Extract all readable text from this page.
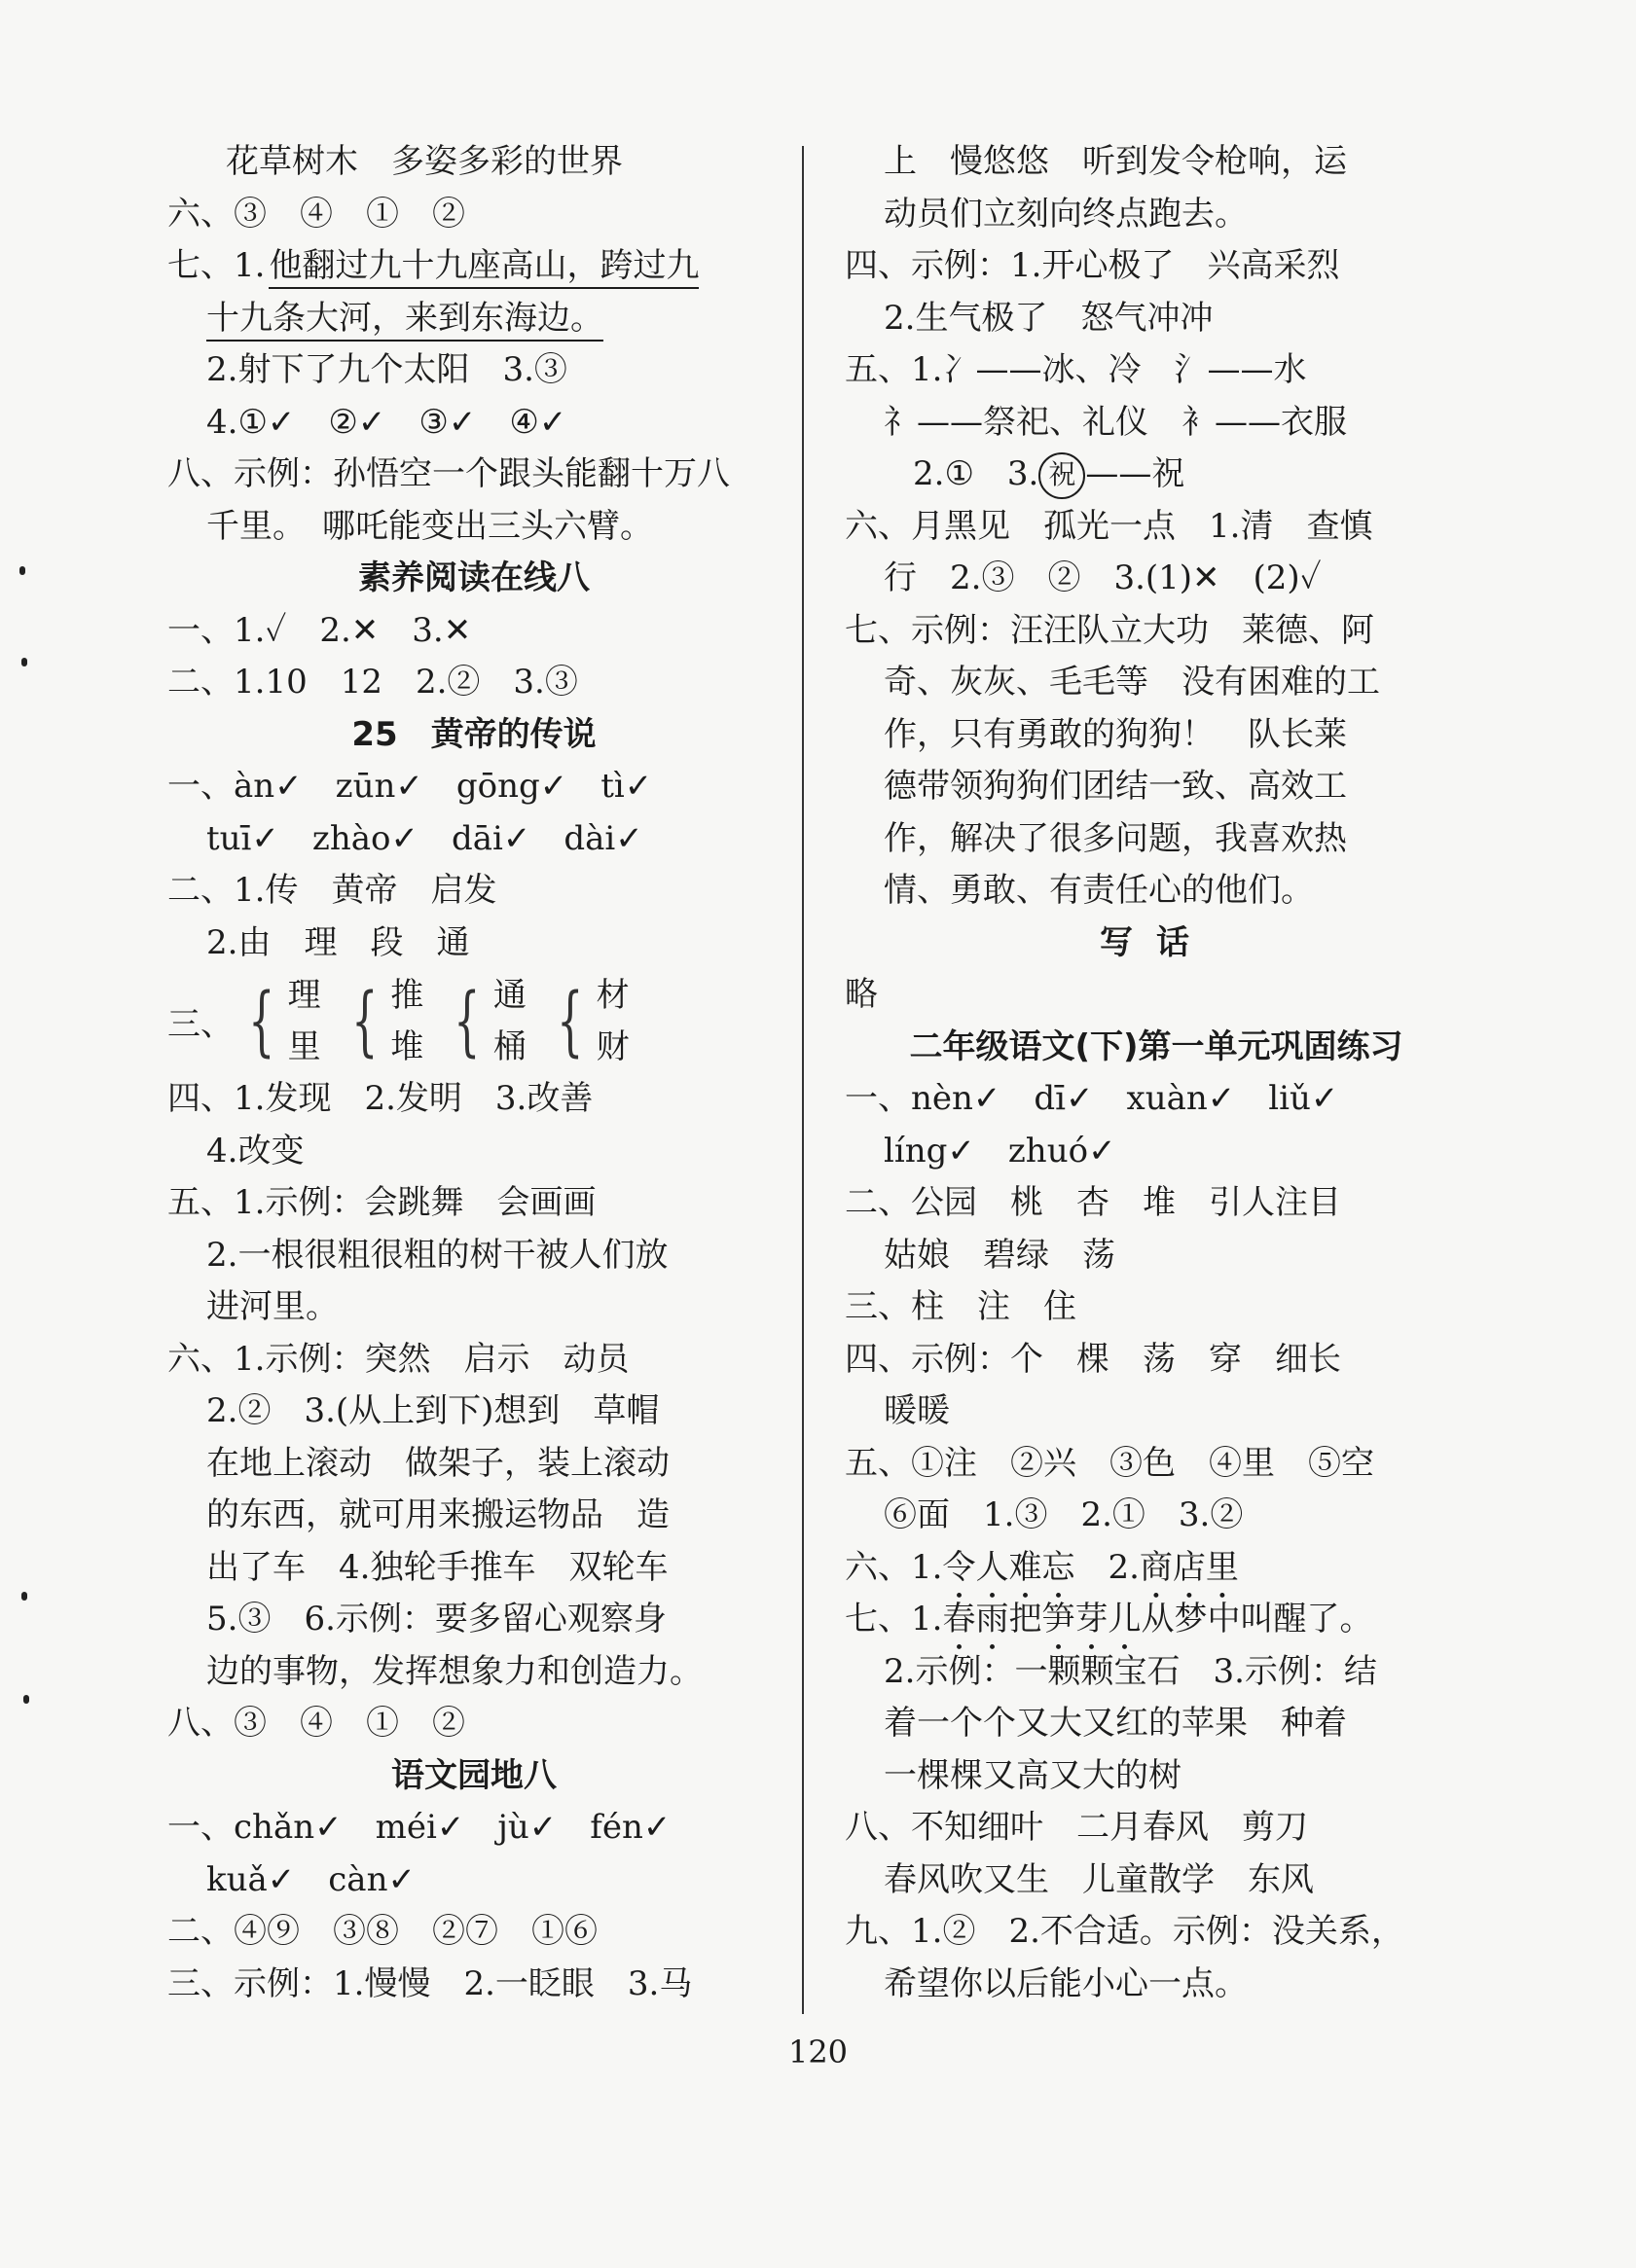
花草树木　多姿多彩的世界
六、③　④　①　②
七、1. 他翻过九十九座高山，跨过九
十九条大河，来到东海边。
2.射下了九个太阳　3.③
4.①✓　②✓　③✓　④✓
八、示例：孙悟空一个跟头能翻十万八
千里。　哪吒能变出三头六臂。
素养阅读在线八
一、1.✓　2.✕　3.✕
二、1.10　12　2.②　3.③
25　黄帝的传说
一、àn✓　zūn✓　gōng✓　tì✓
tuī✓　zhào✓　dāi✓　dài✓
二、1.传　黄帝　启发
2.由　理　段　通
三、 { 理
里 { 推
堆 { 通
桶 { 材
财
四、1.发现　2.发明　3.改善
4.改变
五、1.示例：会跳舞　会画画
2.一根很粗很粗的树干被人们放
进河里。
六、1.示例：突然　启示　动员
2.②　3.(从上到下)想到　草帽
在地上滚动　做架子，装上滚动
的东西，就可用来搬运物品　造
出了车　4.独轮手推车　双轮车
5.③　6.示例：要多留心观察身
边的事物，发挥想象力和创造力。
八、③　④　①　②
语文园地八
一、chǎn✓　méi✓　jù✓　fén✓
kuǎ✓　càn✓
二、④⑨　③⑧　②⑦　①⑥
三、示例：1.慢慢　2.一眨眼　3.马
上　慢悠悠　听到发令枪响，运
动员们立刻向终点跑去。
四、示例：1.开心极了　兴高采烈
2.生气极了　怒气冲冲
五、1.冫——冰、冷　氵——水
礻——祭祀、礼仪　衤——衣服
2.①　3. 祝 ——祝
六、月黑见　孤光一点　1.清　查慎
行　2.③　②　3.(1)✕　(2)✓
七、示例：汪汪队立大功　莱德、阿
奇、灰灰、毛毛等　没有困难的工
作，只有勇敢的狗狗！　队长莱
德带领狗狗们团结一致、高效工
作，解决了很多问题，我喜欢热
情、勇敢、有责任心的他们。
写话
略
二年级语文(下)第一单元巩固练习
一、nèn✓　dī✓　xuàn✓　liǔ✓
líng✓　zhuó✓
二、公园　桃　杏　堆　引人注目
姑娘　碧绿　荡
三、柱　注　住
四、示例：个　棵　荡　穿　细长
暖暖
五、①注　②兴　③色　④里　⑤空
⑥面　1.③　2.①　3.②
六、1.令人难忘　2.商店里
七、1.春雨把笋芽儿从梦中叫醒了。
2.示例：一颗颗宝石　3.示例：结
着一个个又大又红的苹果　种着
一棵棵又高又大的树
八、不知细叶　二月春风　剪刀
春风吹又生　儿童散学　东风
九、1.②　2.不合适。示例：没关系，
希望你以后能小心一点。
120
